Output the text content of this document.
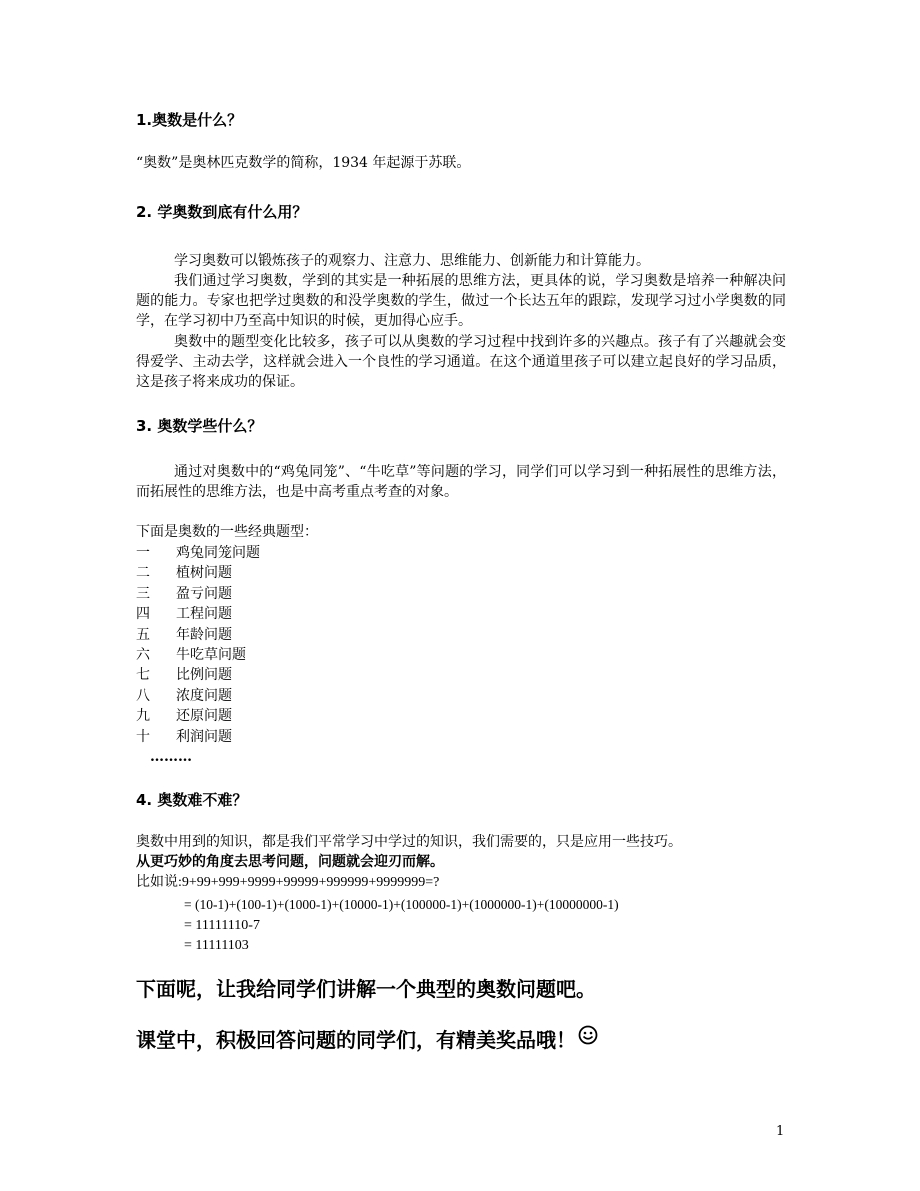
1.奥数是什么？
“奥数”是奥林匹克数学的简称，1934 年起源于苏联。
2. 学奥数到底有什么用？

学习奥数可以锻炼孩子的观察力、注意力、思维能力、创新能力和计算能力。

我们通过学习奥数，学到的其实是一种拓展的思维方法，更具体的说，学习奥数是培养一种解决问题的能力。专家也把学过奥数的和没学奥数的学生，做过一个长达五年的跟踪，发现学习过小学奥数的同学，在学习初中乃至高中知识的时候，更加得心应手。

奥数中的题型变化比较多，孩子可以从奥数的学习过程中找到许多的兴趣点。孩子有了兴趣就会变得爱学、主动去学，这样就会进入一个良性的学习通道。在这个通道里孩子可以建立起良好的学习品质，这是孩子将来成功的保证。

3. 奥数学些什么？

通过对奥数中的“鸡兔同笼”、“牛吃草”等问题的学习，同学们可以学习到一种拓展性的思维方法，而拓展性的思维方法，也是中高考重点考查的对象。

下面是奥数的一些经典题型：
一 鸡兔同笼问题
二 植树问题
三 盈亏问题
四 工程问题
五 年龄问题
六 牛吃草问题
七 比例问题
八 浓度问题
九 还原问题
十 利润问题
………
4. 奥数难不难？
奥数中用到的知识，都是我们平常学习中学过的知识，我们需要的，只是应用一些技巧。
从更巧妙的角度去思考问题，问题就会迎刃而解。
比如说:9+99+999+9999+99999+999999+9999999=?
= (10-1)+(100-1)+(1000-1)+(10000-1)+(100000-1)+(1000000-1)+(10000000-1)
= 11111110-7
= 11111103
下面呢，让我给同学们讲解一个典型的奥数问题吧。
课堂中，积极回答问题的同学们，有精美奖品哦！
1
